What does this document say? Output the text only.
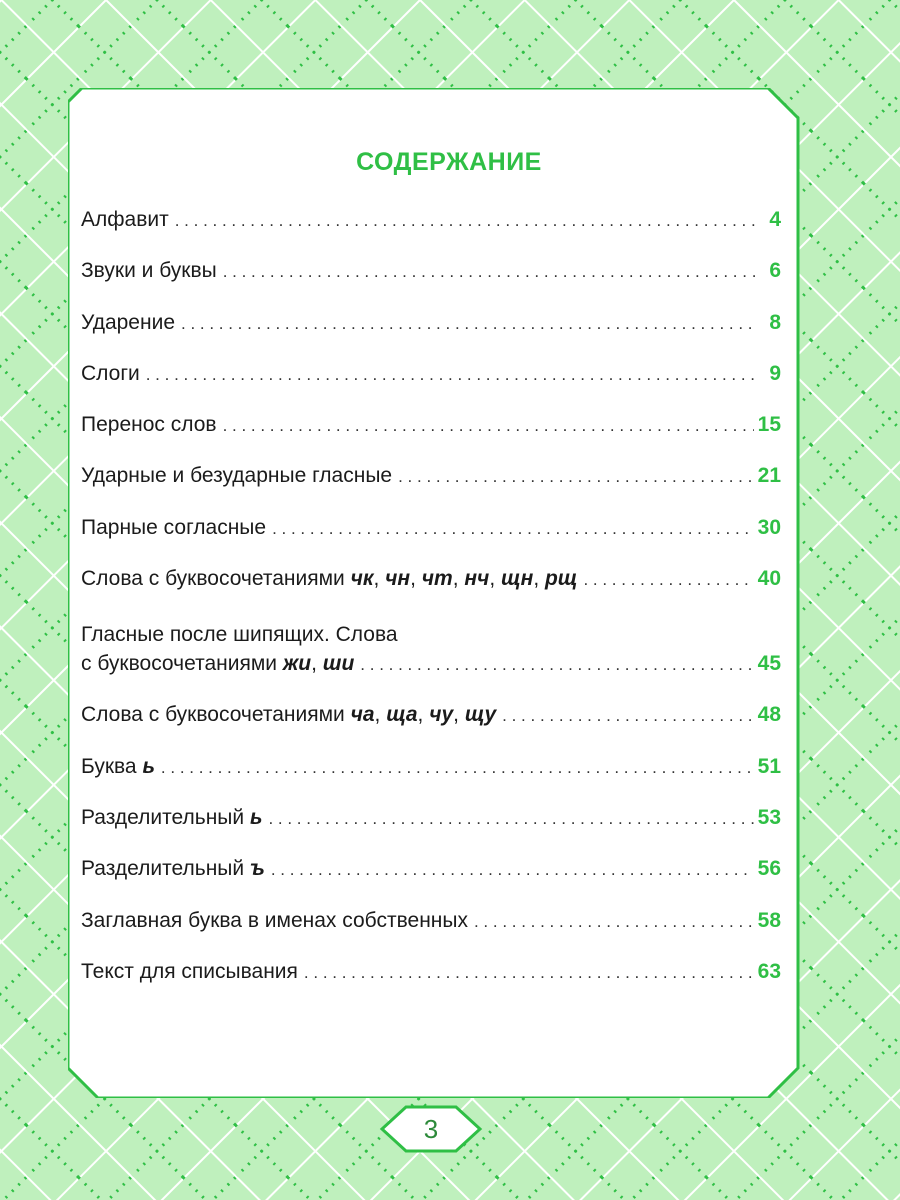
СОДЕРЖАНИЕ
Алфавит . . .	4
Звуки и буквы . . .	6
Ударение . . .	8
Слоги . . .	9
Перенос слов . . .	15
Ударные и безударные гласные . . .	21
Парные согласные . . .	30
Слова с буквосочетаниями чк, чн, чт, нч, щн, рщ . . .	40
Гласные после шипящих. Слова
с буквосочетаниями жи, ши . . .	45
Слова с буквосочетаниями ча, ща, чу, щу . . .	48
Буква ь . . .	51
Разделительный ь . . .	53
Разделительный ъ . . .	56
Заглавная буква в именах собственных . . .	58
Текст для списывания . . .	63
3
